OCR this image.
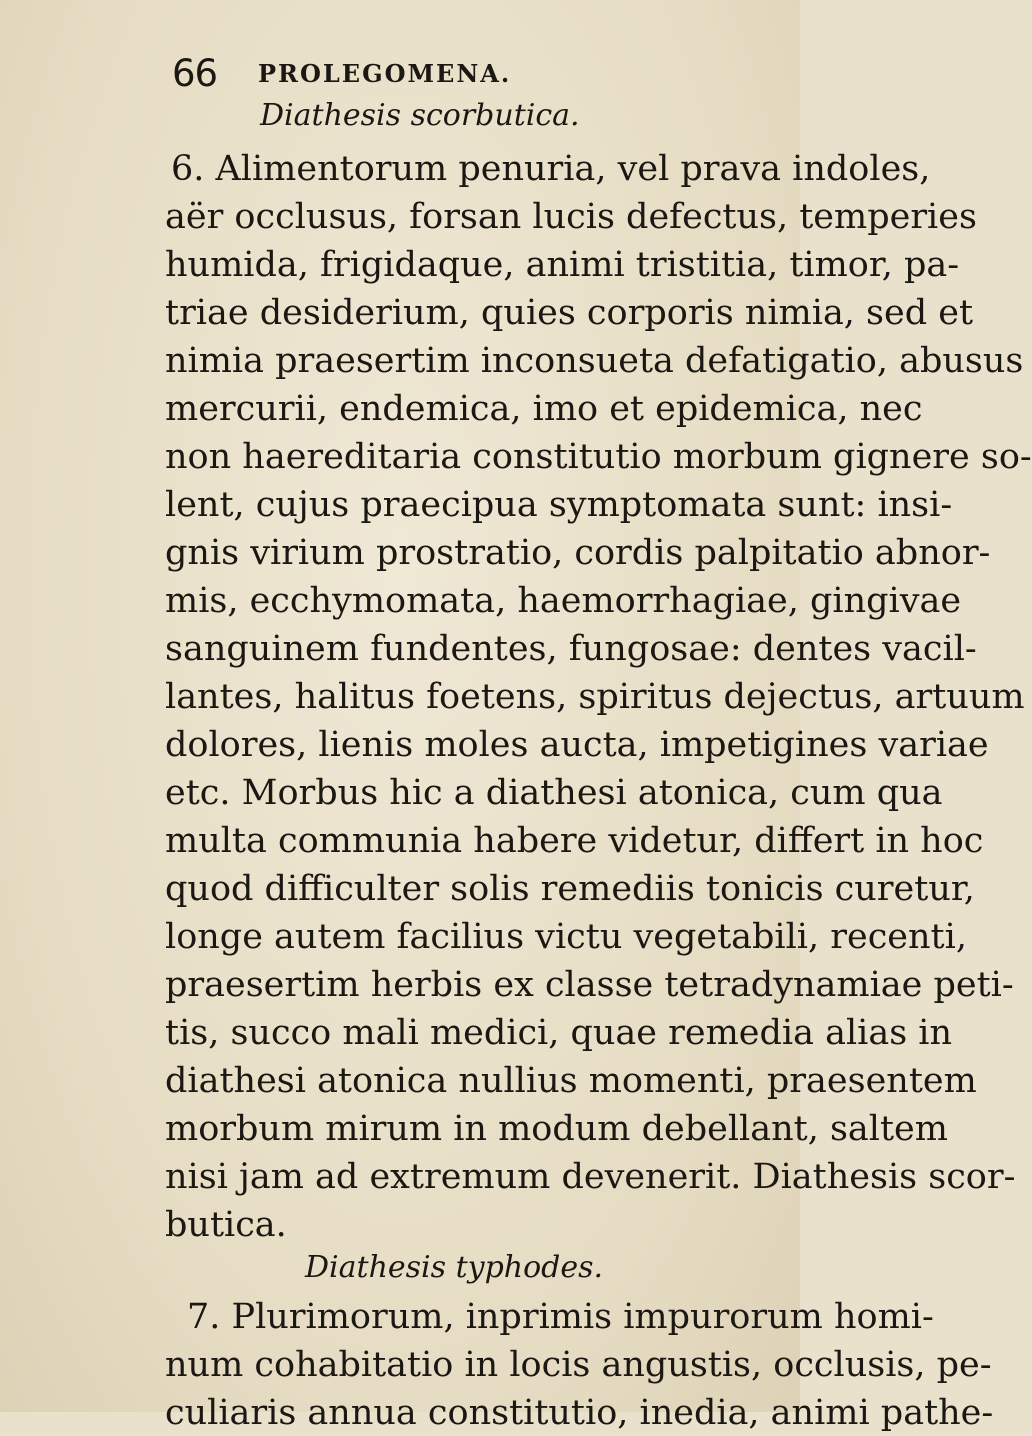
66 PROLEGOMENA.
Diathesis scorbutica.
6. Alimentorum penuria, vel prava indoles,
aër occlusus, forsan lucis defectus, temperies
humida, frigidaque, animi tristitia, timor, pa-
triae desiderium, quies corporis nimia, sed et
nimia praesertim inconsueta defatigatio, abusus
mercurii, endemica, imo et epidemica, nec
non haereditaria constitutio morbum gignere so-
lent, cujus praecipua symptomata sunt: insi-
gnis virium prostratio, cordis palpitatio abnor-
mis, ecchymomata, haemorrhagiae, gingivae
sanguinem fundentes, fungosae: dentes vacil-
lantes, halitus foetens, spiritus dejectus, artuum
dolores, lienis moles aucta, impetigines variae
etc. Morbus hic a diathesi atonica, cum qua
multa communia habere videtur, differt in hoc
quod difficulter solis remediis tonicis curetur,
longe autem facilius victu vegetabili, recenti,
praesertim herbis ex classe tetradynamiae peti-
tis, succo mali medici, quae remedia alias in
diathesi atonica nullius momenti, praesentem
morbum mirum in modum debellant, saltem
nisi jam ad extremum devenerit. Diathesis scor-
butica.
Diathesis typhodes.
7. Plurimorum, inprimis impurorum homi-
num cohabitatio in locis angustis, occlusis, pe-
culiaris annua constitutio, inedia, animi pathe-
